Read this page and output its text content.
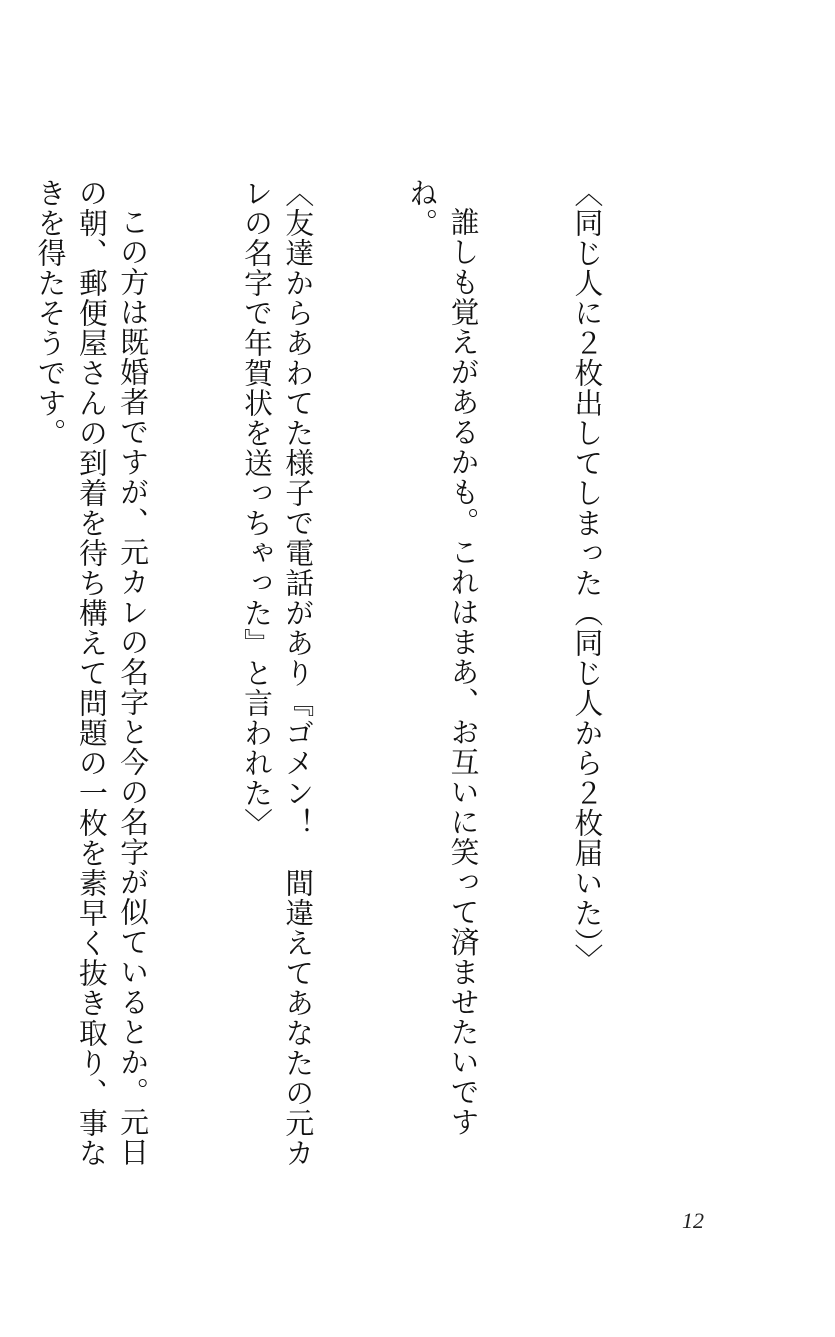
〈同じ人に２枚出してしまった（同じ人から２枚届いた）〉

誰しも覚えがあるかも。これはまあ、お互いに笑って済ませたいですね。

〈友達からあわてた様子で電話があり『ゴメン！　間違えてあなたの元カレの名字で年賀状を送っちゃった』と言われた〉

この方は既婚者ですが、元カレの名字と今の名字が似ているとか。元日の朝、郵便屋さんの到着を待ち構えて問題の一枚を素早く抜き取り、事なきを得たそうです。

12
